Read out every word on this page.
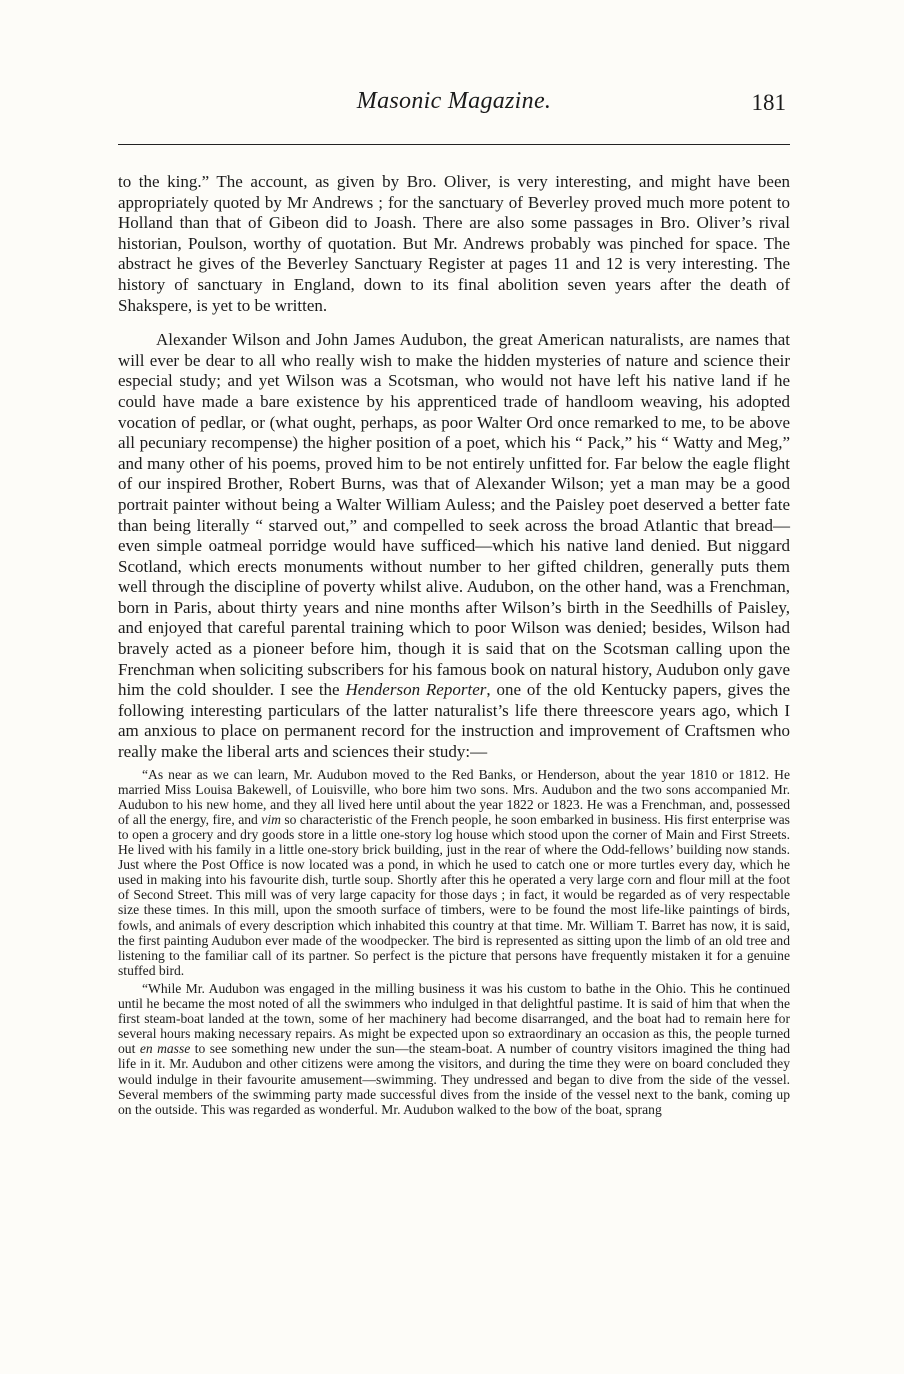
Masonic Magazine.	181

to the king.” The account, as given by Bro. Oliver, is very interesting, and might have been appropriately quoted by Mr Andrews ; for the sanctuary of Beverley proved much more potent to Holland than that of Gibeon did to Joash. There are also some passages in Bro. Oliver’s rival historian, Poulson, worthy of quotation. But Mr. Andrews probably was pinched for space. The abstract he gives of the Beverley Sanctuary Register at pages 11 and 12 is very interesting. The history of sanctuary in England, down to its final abolition seven years after the death of Shakspere, is yet to be written.

Alexander Wilson and John James Audubon, the great American naturalists, are names that will ever be dear to all who really wish to make the hidden mysteries of nature and science their especial study; and yet Wilson was a Scotsman, who would not have left his native land if he could have made a bare existence by his apprenticed trade of handloom weaving, his adopted vocation of pedlar, or (what ought, perhaps, as poor Walter Ord once remarked to me, to be above all pecuniary recompense) the higher position of a poet, which his “ Pack,” his “ Watty and Meg,” and many other of his poems, proved him to be not entirely unfitted for. Far below the eagle flight of our inspired Brother, Robert Burns, was that of Alexander Wilson; yet a man may be a good portrait painter without being a Walter William Auless; and the Paisley poet deserved a better fate than being literally “ starved out,” and compelled to seek across the broad Atlantic that bread—even simple oatmeal porridge would have sufficed—which his native land denied. But niggard Scotland, which erects monuments without number to her gifted children, generally puts them well through the discipline of poverty whilst alive. Audubon, on the other hand, was a Frenchman, born in Paris, about thirty years and nine months after Wilson’s birth in the Seedhills of Paisley, and enjoyed that careful parental training which to poor Wilson was denied; besides, Wilson had bravely acted as a pioneer before him, though it is said that on the Scotsman calling upon the Frenchman when soliciting subscribers for his famous book on natural history, Audubon only gave him the cold shoulder. I see the Henderson Reporter, one of the old Kentucky papers, gives the following interesting particulars of the latter naturalist’s life there threescore years ago, which I am anxious to place on permanent record for the instruction and improvement of Craftsmen who really make the liberal arts and sciences their study:—

“As near as we can learn, Mr. Audubon moved to the Red Banks, or Henderson, about the year 1810 or 1812. He married Miss Louisa Bakewell, of Louisville, who bore him two sons. Mrs. Audubon and the two sons accompanied Mr. Audubon to his new home, and they all lived here until about the year 1822 or 1823. He was a Frenchman, and, possessed of all the energy, fire, and vim so characteristic of the French people, he soon embarked in business. His first enterprise was to open a grocery and dry goods store in a little one-story log house which stood upon the corner of Main and First Streets. He lived with his family in a little one-story brick building, just in the rear of where the Odd-fellows’ building now stands. Just where the Post Office is now located was a pond, in which he used to catch one or more turtles every day, which he used in making into his favourite dish, turtle soup. Shortly after this he operated a very large corn and flour mill at the foot of Second Street. This mill was of very large capacity for those days ; in fact, it would be regarded as of very respectable size these times. In this mill, upon the smooth surface of timbers, were to be found the most life-like paintings of birds, fowls, and animals of every description which inhabited this country at that time. Mr. William T. Barret has now, it is said, the first painting Audubon ever made of the woodpecker. The bird is represented as sitting upon the limb of an old tree and listening to the familiar call of its partner. So perfect is the picture that persons have frequently mistaken it for a genuine stuffed bird.

“While Mr. Audubon was engaged in the milling business it was his custom to bathe in the Ohio. This he continued until he became the most noted of all the swimmers who indulged in that delightful pastime. It is said of him that when the first steam-boat landed at the town, some of her machinery had become disarranged, and the boat had to remain here for several hours making necessary repairs. As might be expected upon so extraordinary an occasion as this, the people turned out en masse to see something new under the sun—the steam-boat. A number of country visitors imagined the thing had life in it. Mr. Audubon and other citizens were among the visitors, and during the time they were on board concluded they would indulge in their favourite amusement—swimming. They undressed and began to dive from the side of the vessel. Several members of the swimming party made successful dives from the inside of the vessel next to the bank, coming up on the outside. This was regarded as wonderful. Mr. Audubon walked to the bow of the boat, sprang
